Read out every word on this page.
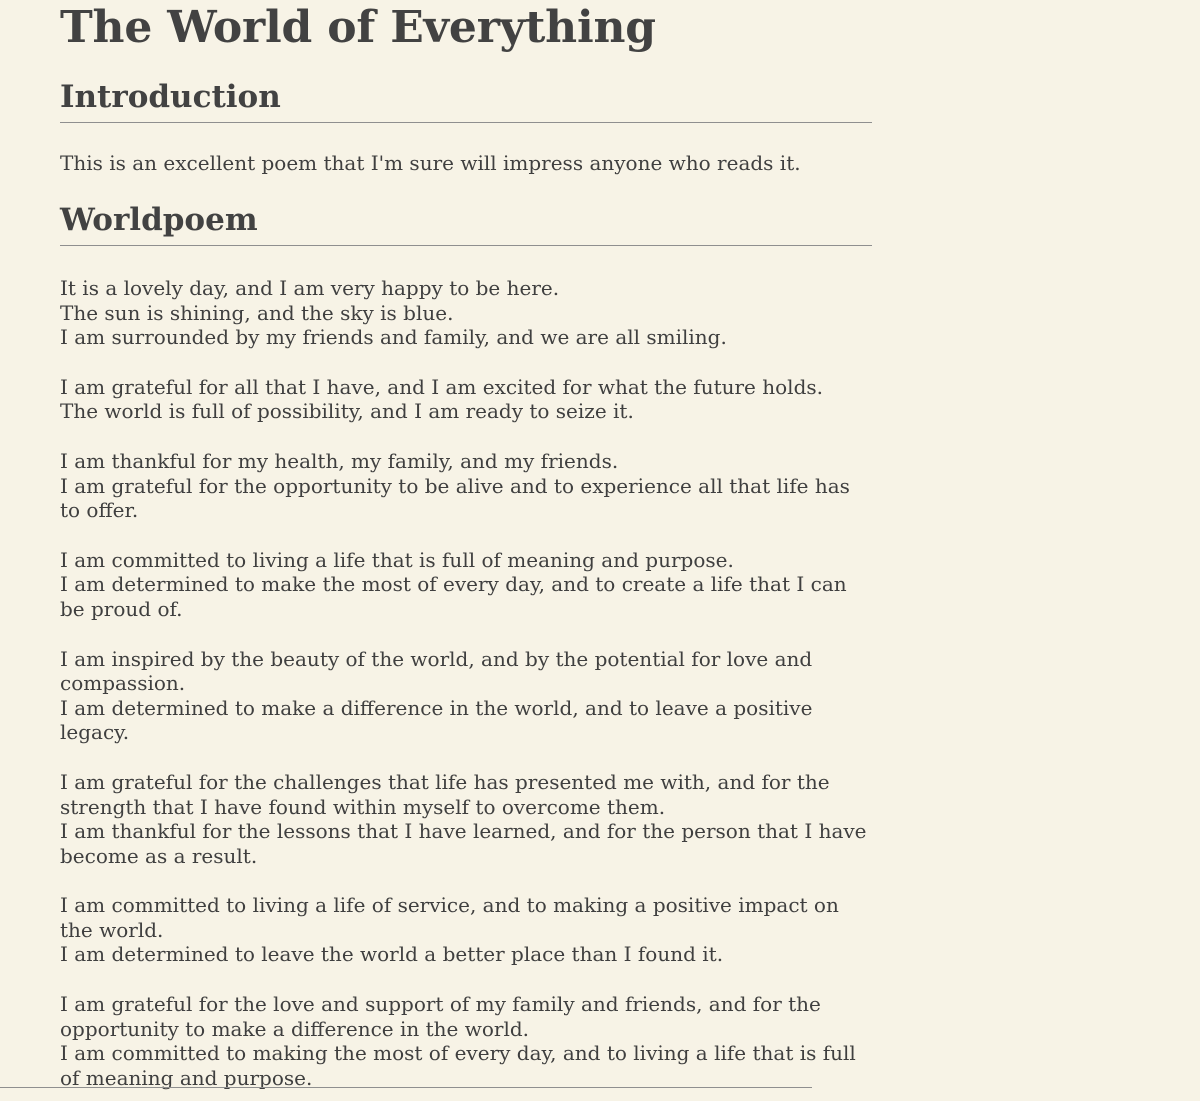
The World of Everything
Introduction

This is an excellent poem that I'm sure will impress anyone who reads it.

Worldpoem

It is a lovely day, and I am very happy to be here.
The sun is shining, and the sky is blue.
I am surrounded by my friends and family, and we are all smiling.

I am grateful for all that I have, and I am excited for what the future holds.
The world is full of possibility, and I am ready to seize it.

I am thankful for my health, my family, and my friends.
I am grateful for the opportunity to be alive and to experience all that life has to offer.

I am committed to living a life that is full of meaning and purpose.
I am determined to make the most of every day, and to create a life that I can be proud of.

I am inspired by the beauty of the world, and by the potential for love and compassion.
I am determined to make a difference in the world, and to leave a positive legacy.

I am grateful for the challenges that life has presented me with, and for the strength that I have found within myself to overcome them.
I am thankful for the lessons that I have learned, and for the person that I have become as a result.

I am committed to living a life of service, and to making a positive impact on the world.
I am determined to leave the world a better place than I found it.

I am grateful for the love and support of my family and friends, and for the opportunity to make a difference in the world.
I am committed to making the most of every day, and to living a life that is full of meaning and purpose.
